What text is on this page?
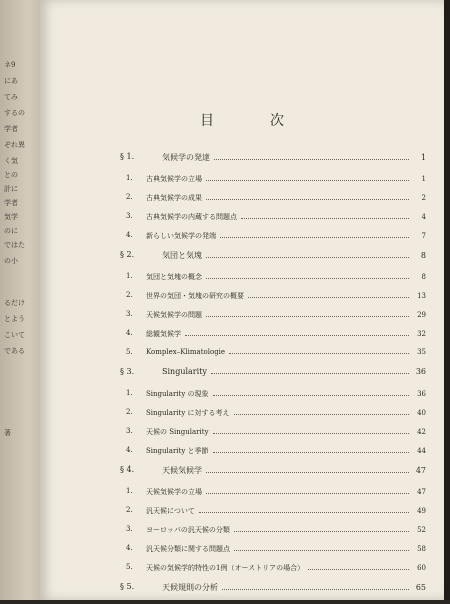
ネ9
にあ
てみ
するの
学者
ぞれ異
く気
との
計に
学者
気学
のに
ではた
の小
るだけ
とよう
こいて
である
著
目	次
§ 1.	気候学の発達	1
1. 古典気候学の立場	1
2. 古典気候学の成果	2
3. 古典気候学の内蔵する問題点	4
4. 新らしい気候学の発端	7
§ 2.	気団と気塊	8
1. 気団と気塊の概念	8
2. 世界の気団・気塊の研究の概要	13
3. 天候気候学の問題	29
4. 総観気候学	32
5. Komplex–Klimatologie	35
§ 3.	Singularity	36
1. Singularity の現象	36
2. Singularity に対する考え	40
3. 天候の Singularity	42
4. Singularity と季節	44
§ 4.	天候気候学	47
1. 天候気候学の立場	47
2. 汎天候について	49
3. ヨーロッパの汎天候の分類	52
4. 汎天候分類に関する問題点	58
5. 天候の気候学的特性の1例（オーストリアの場合）	60
§ 5.	天候規則の分析	65
